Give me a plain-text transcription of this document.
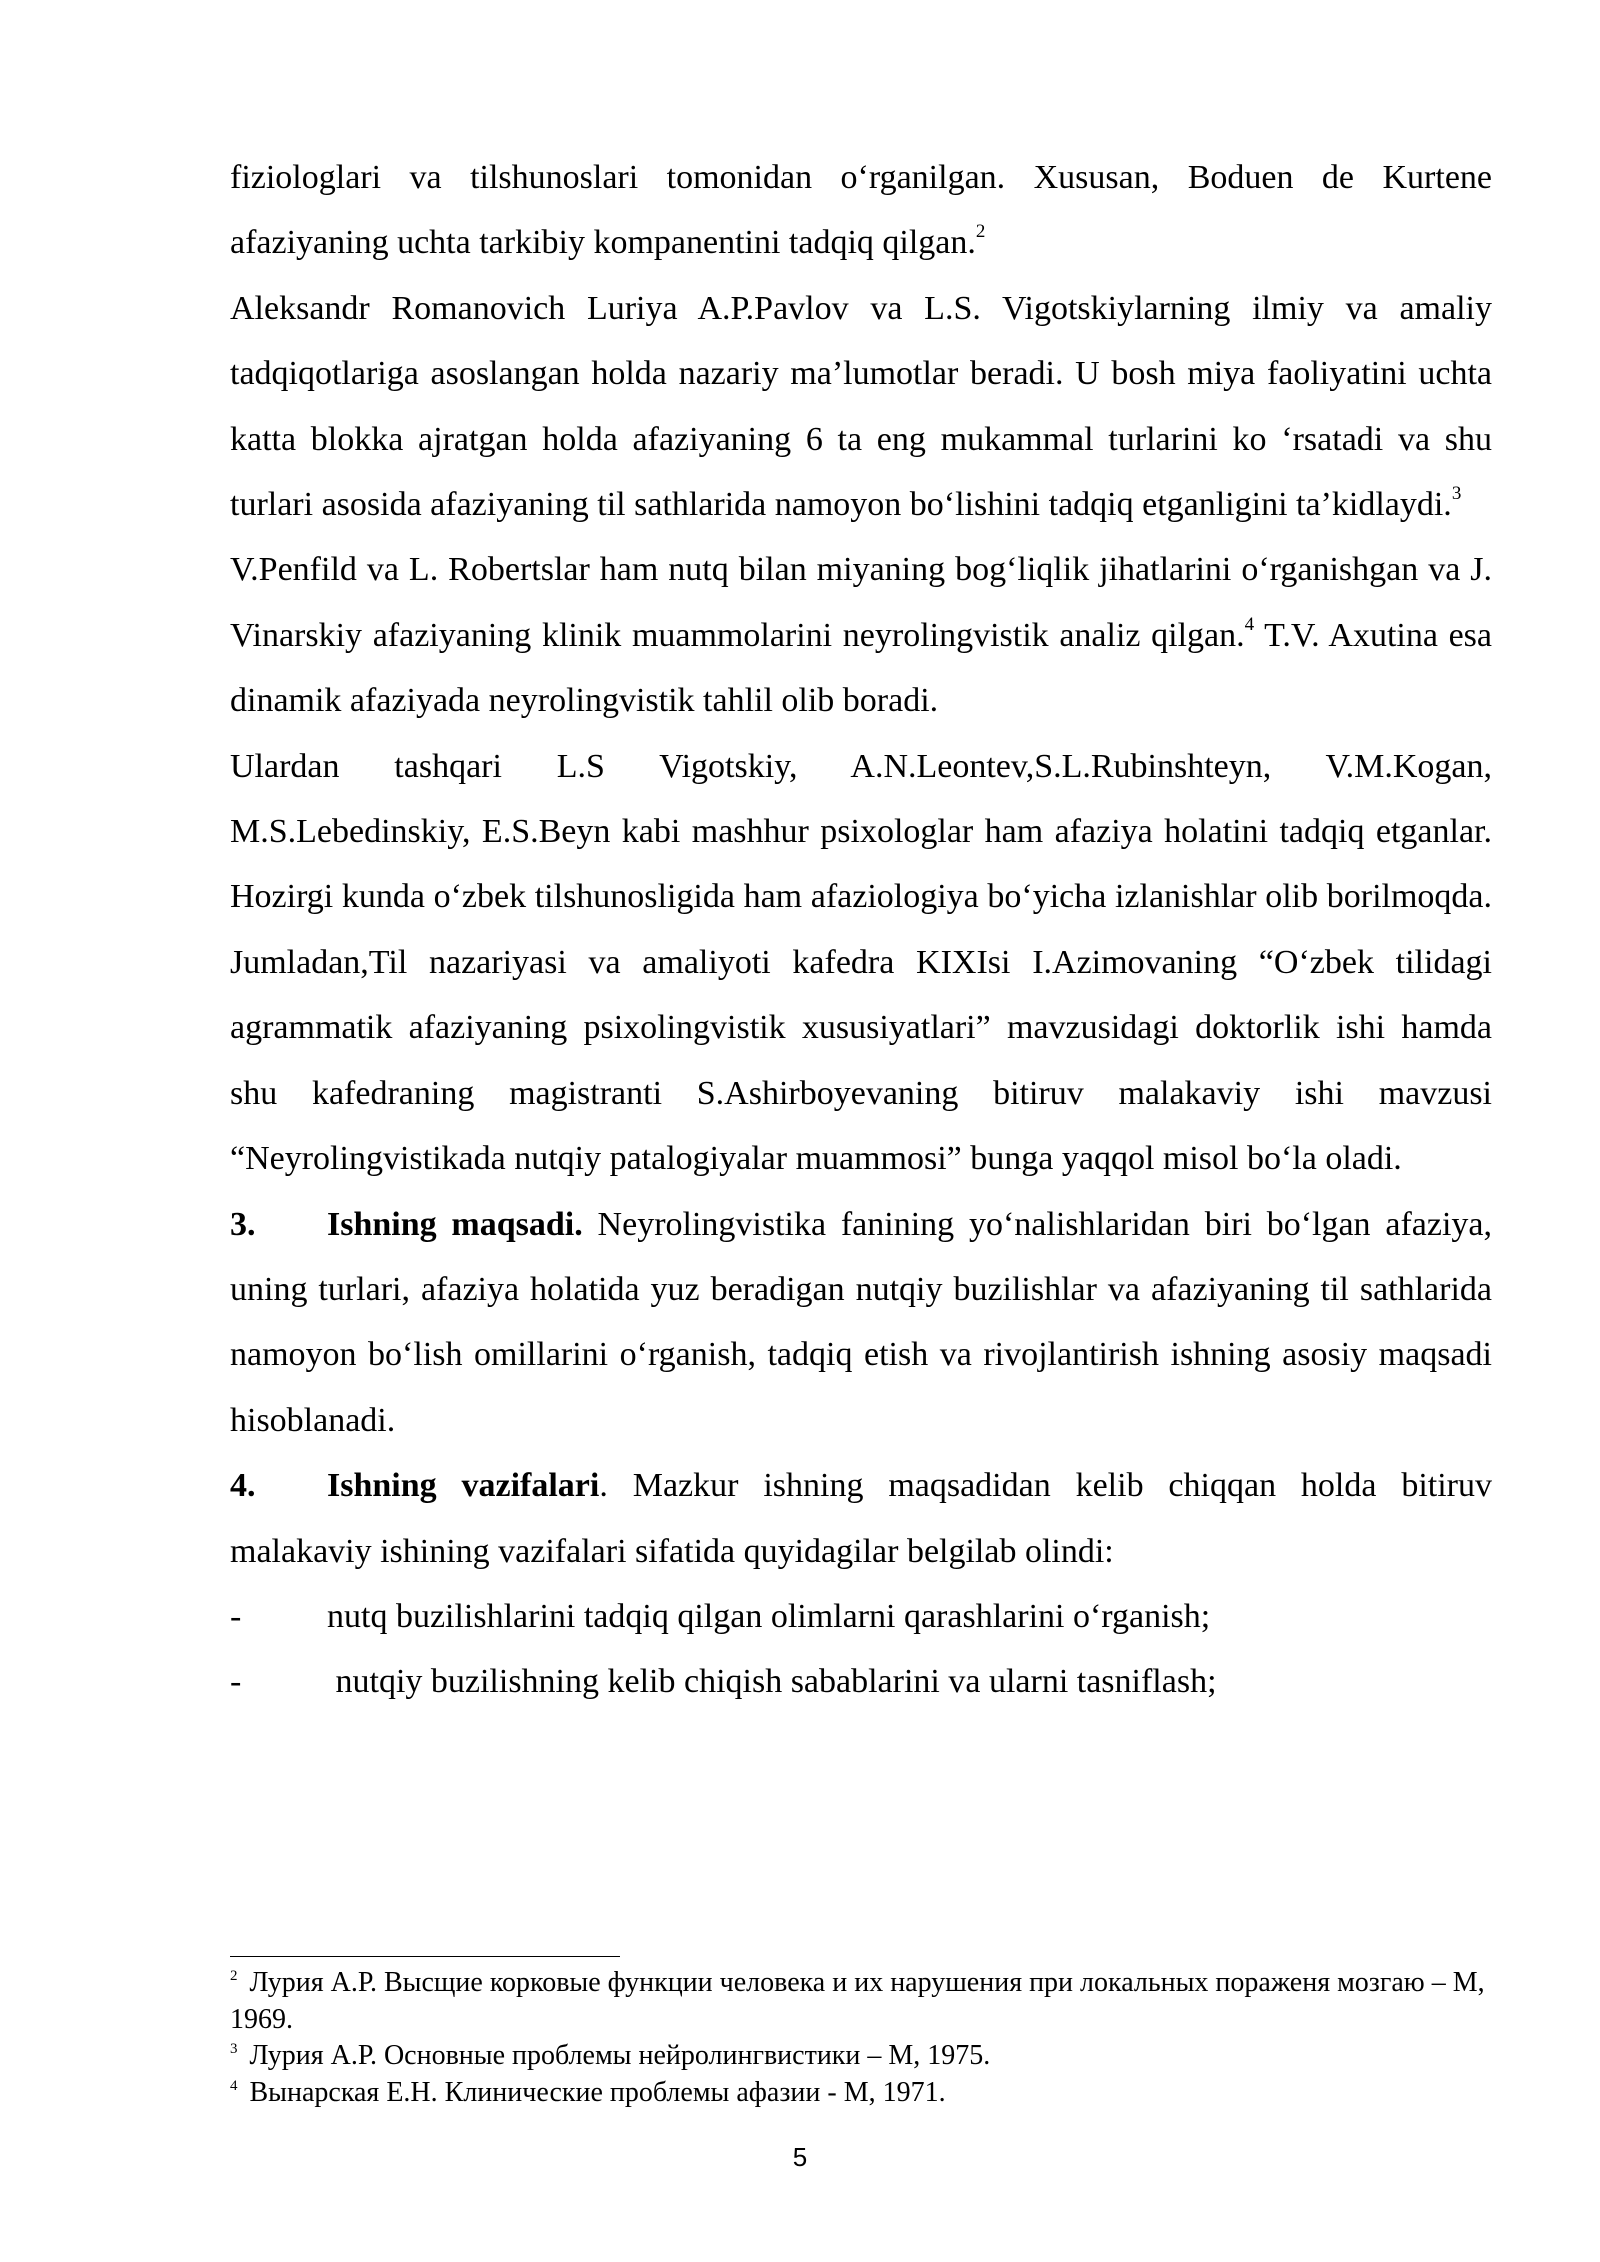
fiziologlari va tilshunoslari tomonidan o‘rganilgan. Xususan, Boduen de Kurtene afaziyaning uchta tarkibiy kompanentini tadqiq qilgan.$^2$

Aleksandr Romanovich Luriya A.P.Pavlov va L.S. Vigotskiylarning ilmiy va amaliy tadqiqotlariga asoslangan holda nazariy ma’lumotlar beradi. U bosh miya faoliyatini uchta katta blokka ajratgan holda afaziyaning 6 ta eng mukammal turlarini ko ‘rsatadi va shu turlari asosida afaziyaning til sathlarida namoyon bo‘lishini tadqiq etganligini ta’kidlaydi.$^3$

V.Penfild va L. Robertslar ham nutq bilan miyaning bog‘liqlik jihatlarini o‘rganishgan va J. Vinarskiy afaziyaning klinik muammolarini neyrolingvistik analiz qilgan.$^4$ T.V. Axutina esa dinamik afaziyada neyrolingvistik tahlil olib boradi.

Ulardan tashqari L.S Vigotskiy, A.N.Leontev,S.L.Rubinshteyn, V.M.Kogan, M.S.Lebedinskiy, E.S.Beyn kabi mashhur psixologlar ham afaziya holatini tadqiq etganlar. Hozirgi kunda o‘zbek tilshunosligida ham afaziologiya bo‘yicha izlanishlar olib borilmoqda. Jumladan,Til nazariyasi va amaliyoti kafedra KIXIsi I.Azimovaning “O‘zbek tilidagi agrammatik afaziyaning psixolingvistik xususiyatlari” mavzusidagi doktorlik ishi hamda shu kafedraning magistranti S.Ashirboyevaning bitiruv malakaviy ishi mavzusi “Neyrolingvistikada nutqiy patalogiyalar muammosi” bunga yaqqol misol bo‘la oladi.

3. Ishning maqsadi. Neyrolingvistika fanining yo‘nalishlaridan biri bo‘lgan afaziya, uning turlari, afaziya holatida yuz beradigan nutqiy buzilishlar va afaziyaning til sathlarida namoyon bo‘lish omillarini o‘rganish, tadqiq etish va rivojlantirish ishning asosiy maqsadi hisoblanadi.

4. Ishning vazifalari. Mazkur ishning maqsadidan kelib chiqqan holda bitiruv malakaviy ishining vazifalari sifatida quyidagilar belgilab olindi:

-	nutq buzilishlarini tadqiq qilgan olimlarni qarashlarini o‘rganish;

-	nutqiy buzilishning kelib chiqish sabablarini va ularni tasniflash;

$^2$ Лурия А.Р. Высщие корковые функции человека и их нарушения при локальных пораженя мозгаю – М, 1969.

$^3$ Лурия А.Р. Основные проблемы нейролингвистики – М, 1975.

$^4$ Вынарская Е.Н. Клинические проблемы афазии - М, 1971.

5
